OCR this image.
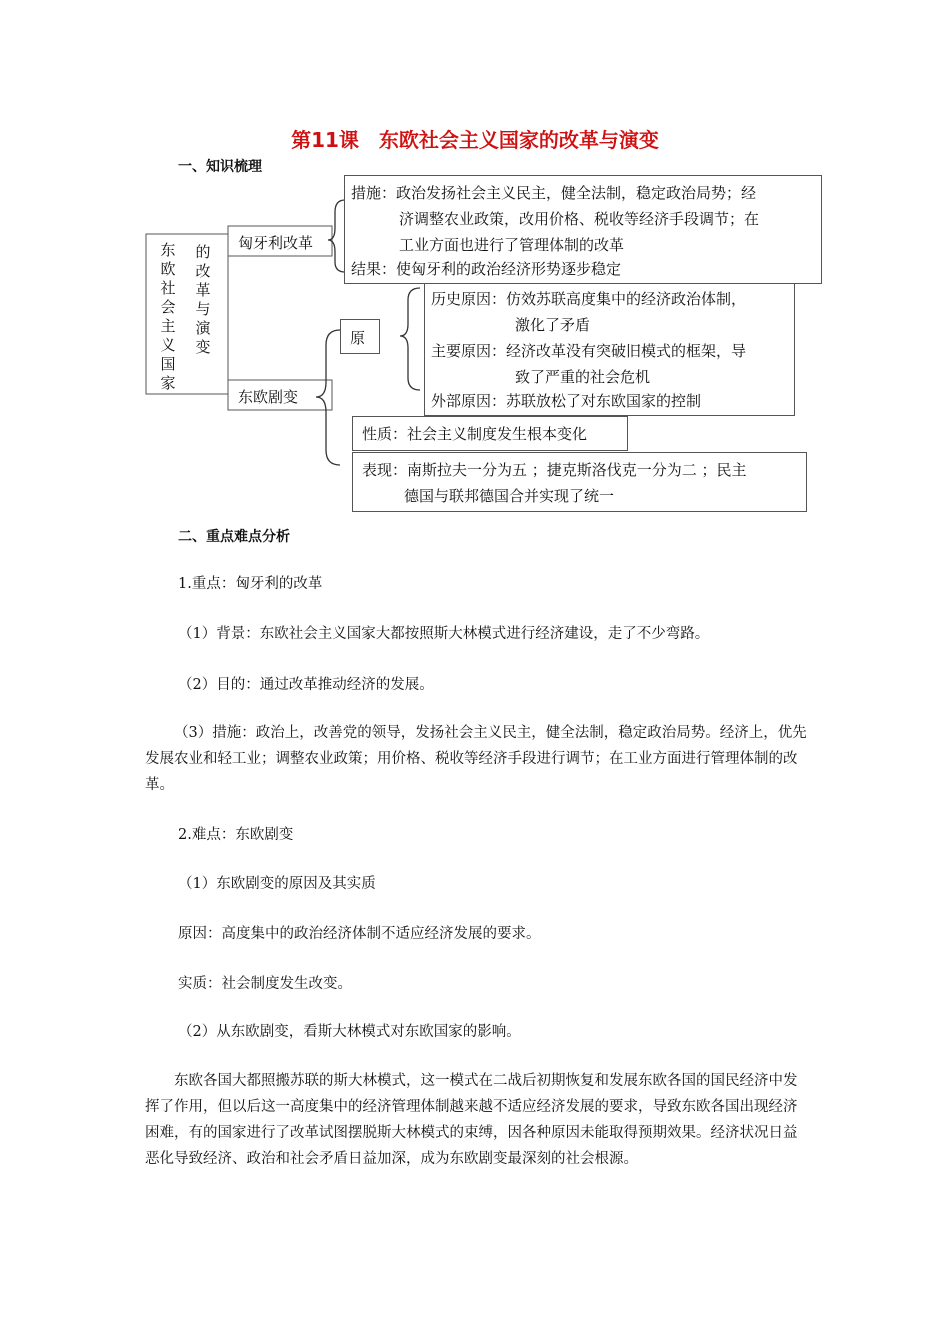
第11课　东欧社会主义国家的改革与演变
一、知识梳理
东欧社会主义国家
的改革与演变
匈牙利改革
东欧剧变
措施：政治发扬社会主义民主，健全法制，稳定政治局势；经
济调整农业政策，改用价格、税收等经济手段调节；在
工业方面也进行了管理体制的改革
结果：使匈牙利的政治经济形势逐步稳定
原
历史原因：仿效苏联高度集中的经济政治体制，
激化了矛盾
主要原因：经济改革没有突破旧模式的框架，导
致了严重的社会危机
外部原因：苏联放松了对东欧国家的控制
性质：社会主义制度发生根本变化
表现：南斯拉夫一分为五 ；捷克斯洛伐克一分为二 ；民主
德国与联邦德国合并实现了统一
二、重点难点分析
1.重点：匈牙利的改革
（1）背景：东欧社会主义国家大都按照斯大林模式进行经济建设，走了不少弯路。
（2）目的：通过改革推动经济的发展。
（3）措施：政治上，改善党的领导，发扬社会主义民主，健全法制，稳定政治局势。经济上，优先发展农业和轻工业；调整农业政策；用价格、税收等经济手段进行调节；在工业方面进行管理体制的改革。
2.难点：东欧剧变
（1）东欧剧变的原因及其实质
原因：高度集中的政治经济体制不适应经济发展的要求。
实质：社会制度发生改变。
（2）从东欧剧变，看斯大林模式对东欧国家的影响。
东欧各国大都照搬苏联的斯大林模式，这一模式在二战后初期恢复和发展东欧各国的国民经济中发挥了作用，但以后这一高度集中的经济管理体制越来越不适应经济发展的要求，导致东欧各国出现经济困难，有的国家进行了改革试图摆脱斯大林模式的束缚，因各种原因未能取得预期效果。经济状况日益恶化导致经济、政治和社会矛盾日益加深，成为东欧剧变最深刻的社会根源。
